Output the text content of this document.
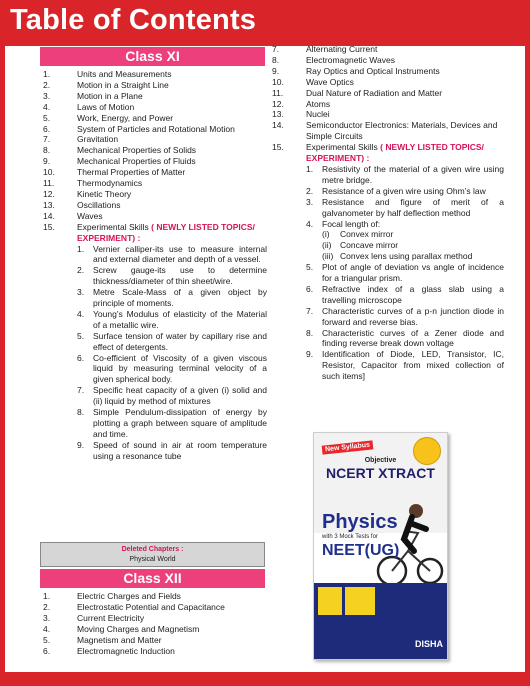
Table of Contents
Class XI
1.	Units and Measurements
2.	Motion in a Straight Line
3.	Motion in a Plane
4.	Laws of Motion
5.	Work, Energy, and Power
6.	System of Particles and Rotational Motion
7.	Gravitation
8.	Mechanical Properties of Solids
9.	Mechanical Properties of Fluids
10.	Thermal Properties of Matter
11.	Thermodynamics
12.	Kinetic Theory
13.	Oscillations
14.	Waves
15.	Experimental Skills ( NEWLY LISTED TOPICS/ EXPERIMENT) :
1.	Vernier calliper-its use to measure internal and external diameter and depth of a vessel.
2.	Screw gauge-its use to determine thickness/diameter of thin sheet/wire.
3.	Metre Scale-Mass of a given object by principle of moments.
4.	Young’s Modulus of elasticity of the Material of a metallic wire.
5.	Surface tension of water by capillary rise and effect of detergents.
6.	Co-efficient of Viscosity of a given viscous liquid by measuring terminal velocity of a given spherical body.
7.	Specific heat capacity of a given (i) solid and (ii) liquid by method of mixtures
8.	Simple Pendulum-dissipation of energy by plotting a graph between square of amplitude and time.
9.	Speed of sound in air at room temperature using a resonance tube
Deleted Chapters :
Physical World
Class XII
1.	Electric Charges and Fields
2.	Electrostatic Potential and Capacitance
3.	Current Electricity
4.	Moving Charges and Magnetism
5.	Magnetism and Matter
6.	Electromagnetic Induction
7.	Alternating Current
8.	Electromagnetic Waves
9.	Ray Optics and Optical Instruments
10.	Wave Optics
11.	Dual Nature of Radiation and Matter
12.	Atoms
13.	Nuclei
14.	Semiconductor Electronics: Materials, Devices and Simple Circuits
15.	Experimental Skills ( NEWLY LISTED TOPICS/ EXPERIMENT) :
1.	Resistivity of the material of a given wire using metre bridge.
2.	Resistance of a given wire using Ohm’s law
3.	Resistance and figure of merit of a galvanometer by half deflection method
4.	Focal length of:
(i) Convex mirror
(ii) Concave mirror
(iii) Convex lens using parallax method
5.	Plot of angle of deviation vs angle of incidence for a triangular prism.
6.	Refractive index of a glass slab using a travelling microscope
7.	Characteristic curves of a p-n junction diode in forward and reverse bias.
8.	Characteristic curves of a Zener diode and finding reverse break down voltage
9.	Identification of Diode, LED, Transistor, IC, Resistor, Capacitor from mixed collection of such items]
New Syllabus
Objective
NCERT XTRACT
Physics
with 3 Mock Tests for
NEET(UG)
DISHA
